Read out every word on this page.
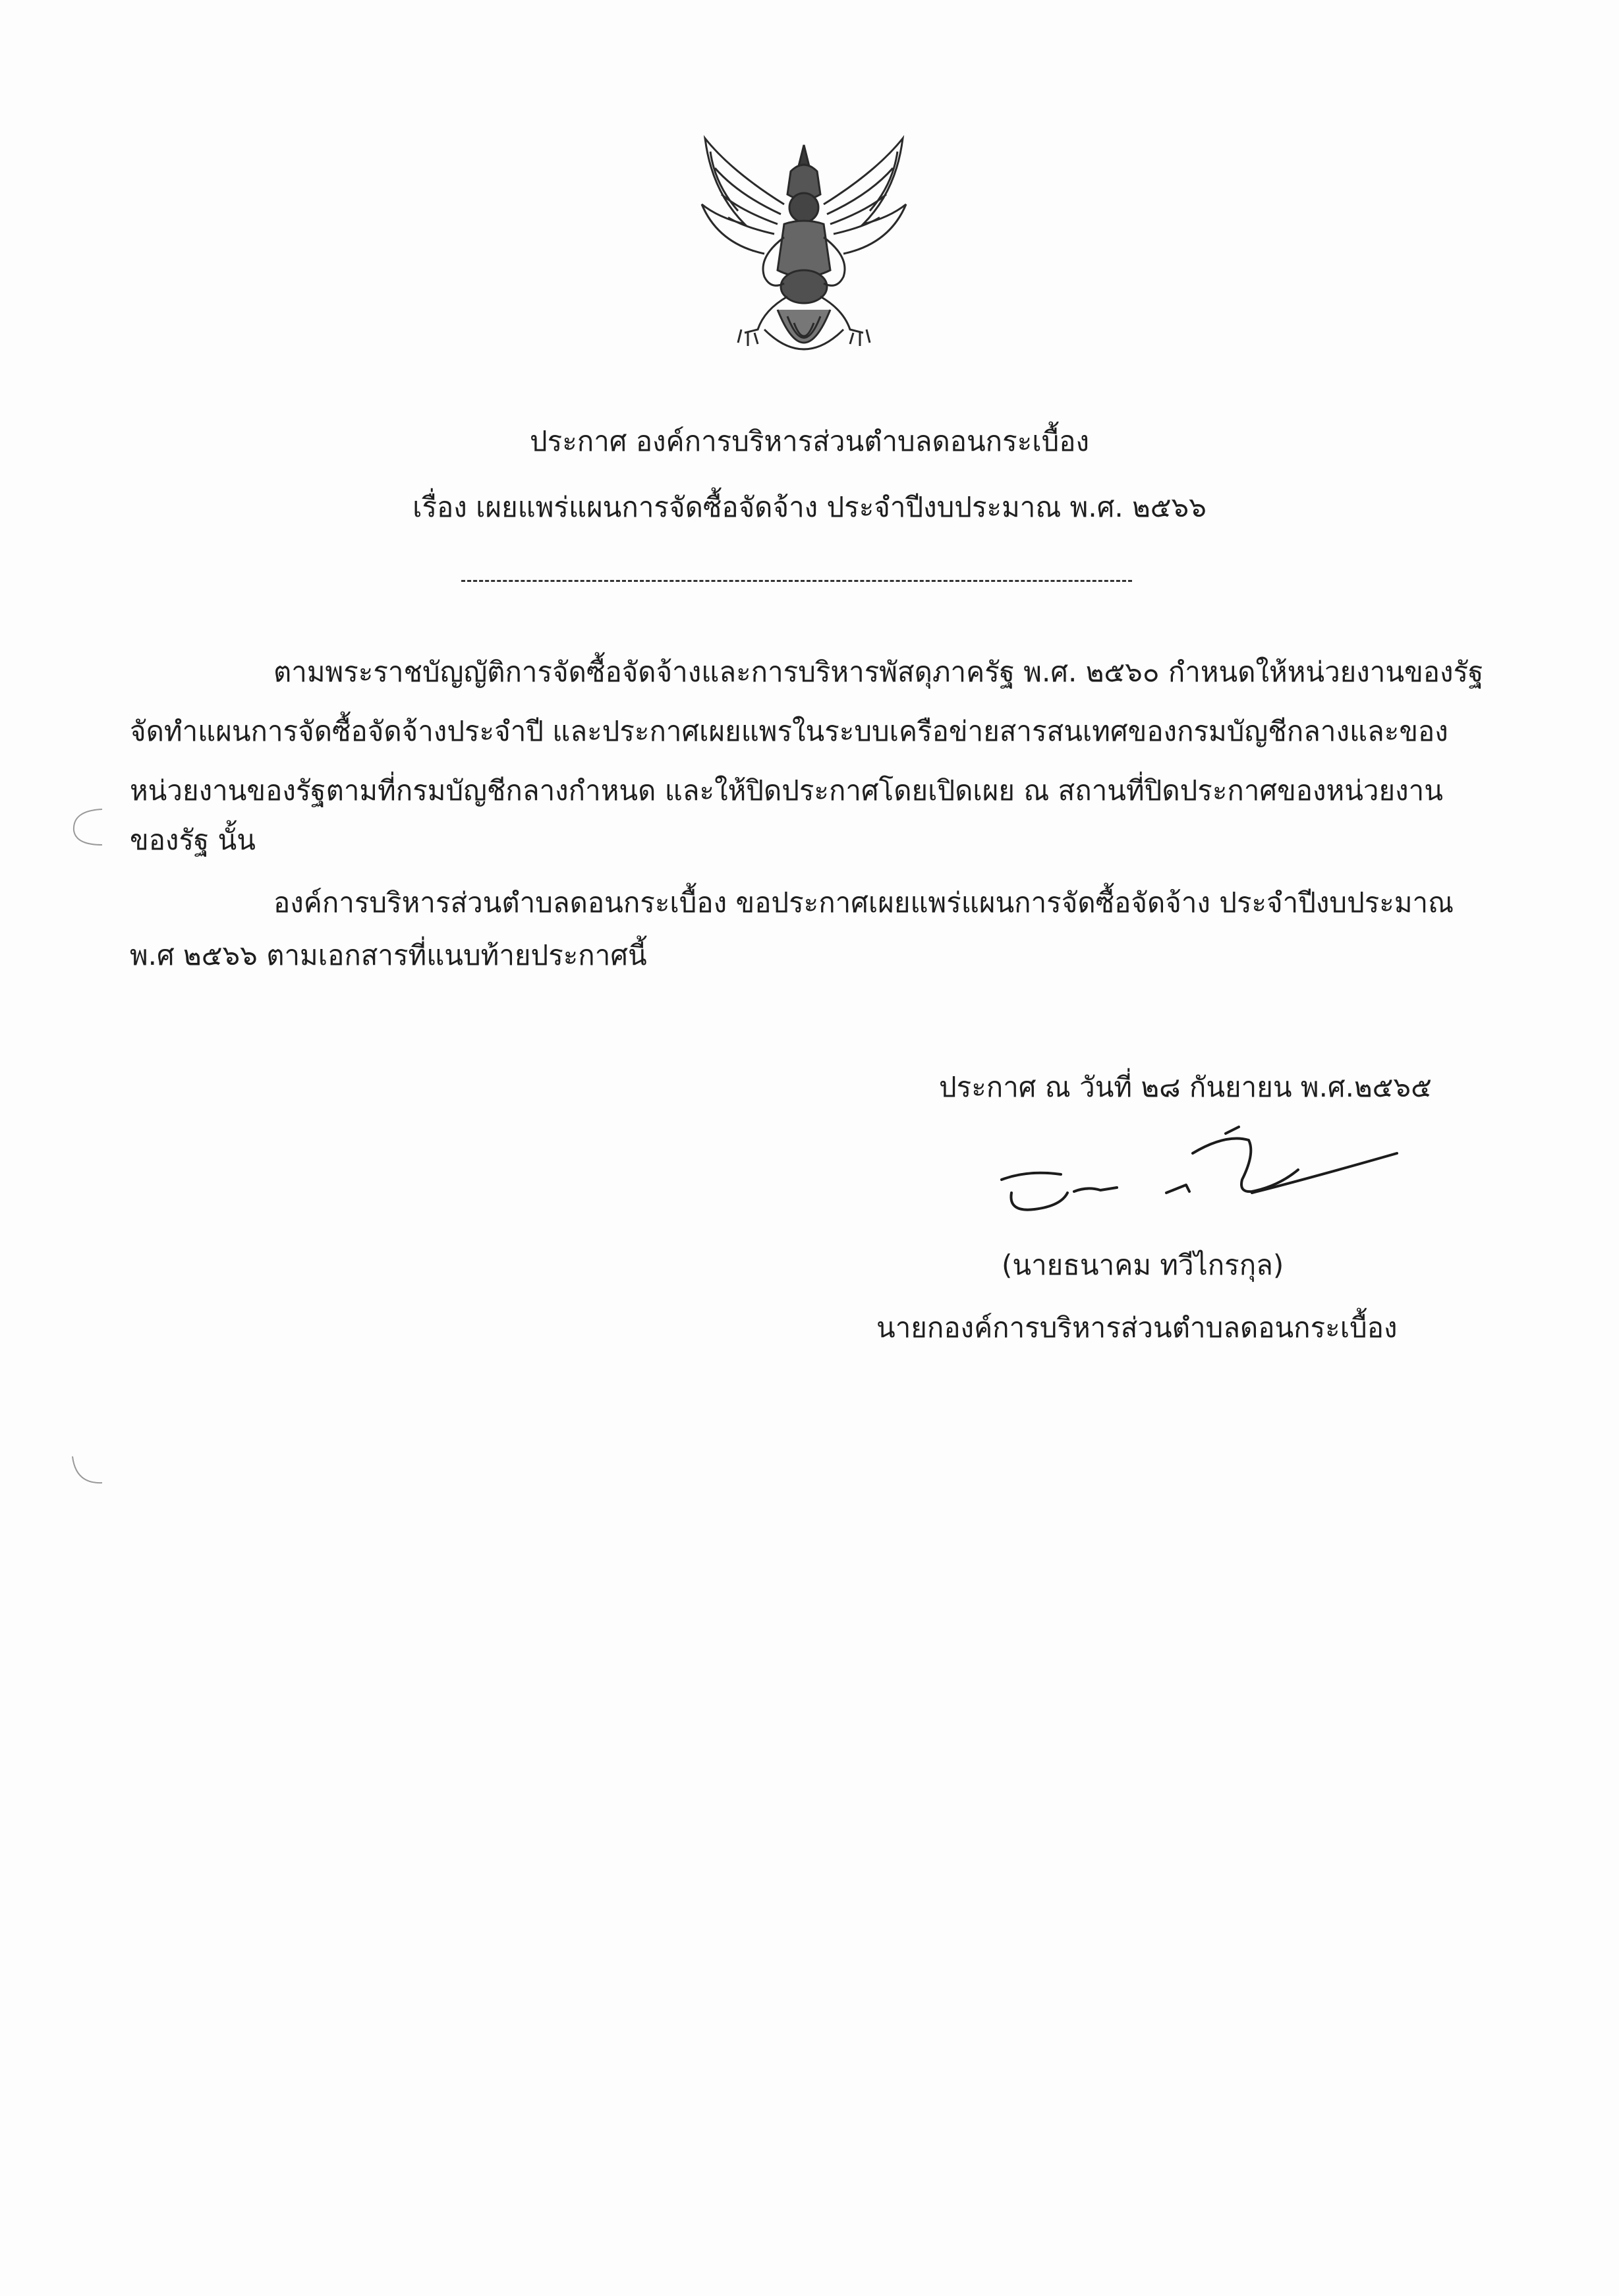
ประกาศ องค์การบริหารส่วนตำบลดอนกระเบื้อง
เรื่อง เผยแพร่แผนการจัดซื้อจัดจ้าง ประจำปีงบประมาณ พ.ศ. ๒๕๖๖
ตามพระราชบัญญัติการจัดซื้อจัดจ้างและการบริหารพัสดุภาครัฐ พ.ศ. ๒๕๖๐ กำหนดให้หน่วยงานของรัฐ
จัดทำแผนการจัดซื้อจัดจ้างประจำปี และประกาศเผยแพรในระบบเครือข่ายสารสนเทศของกรมบัญชีกลางและของ
หน่วยงานของรัฐตามที่กรมบัญชีกลางกำหนด และให้ปิดประกาศโดยเปิดเผย ณ สถานที่ปิดประกาศของหน่วยงาน
ของรัฐ นั้น
องค์การบริหารส่วนตำบลดอนกระเบื้อง ขอประกาศเผยแพร่แผนการจัดซื้อจัดจ้าง ประจำปีงบประมาณ
พ.ศ ๒๕๖๖ ตามเอกสารที่แนบท้ายประกาศนี้
ประกาศ ณ วันที่ ๒๘ กันยายน พ.ศ.๒๕๖๕
(นายธนาคม ทวีไกรกุล)
นายกองค์การบริหารส่วนตำบลดอนกระเบื้อง
